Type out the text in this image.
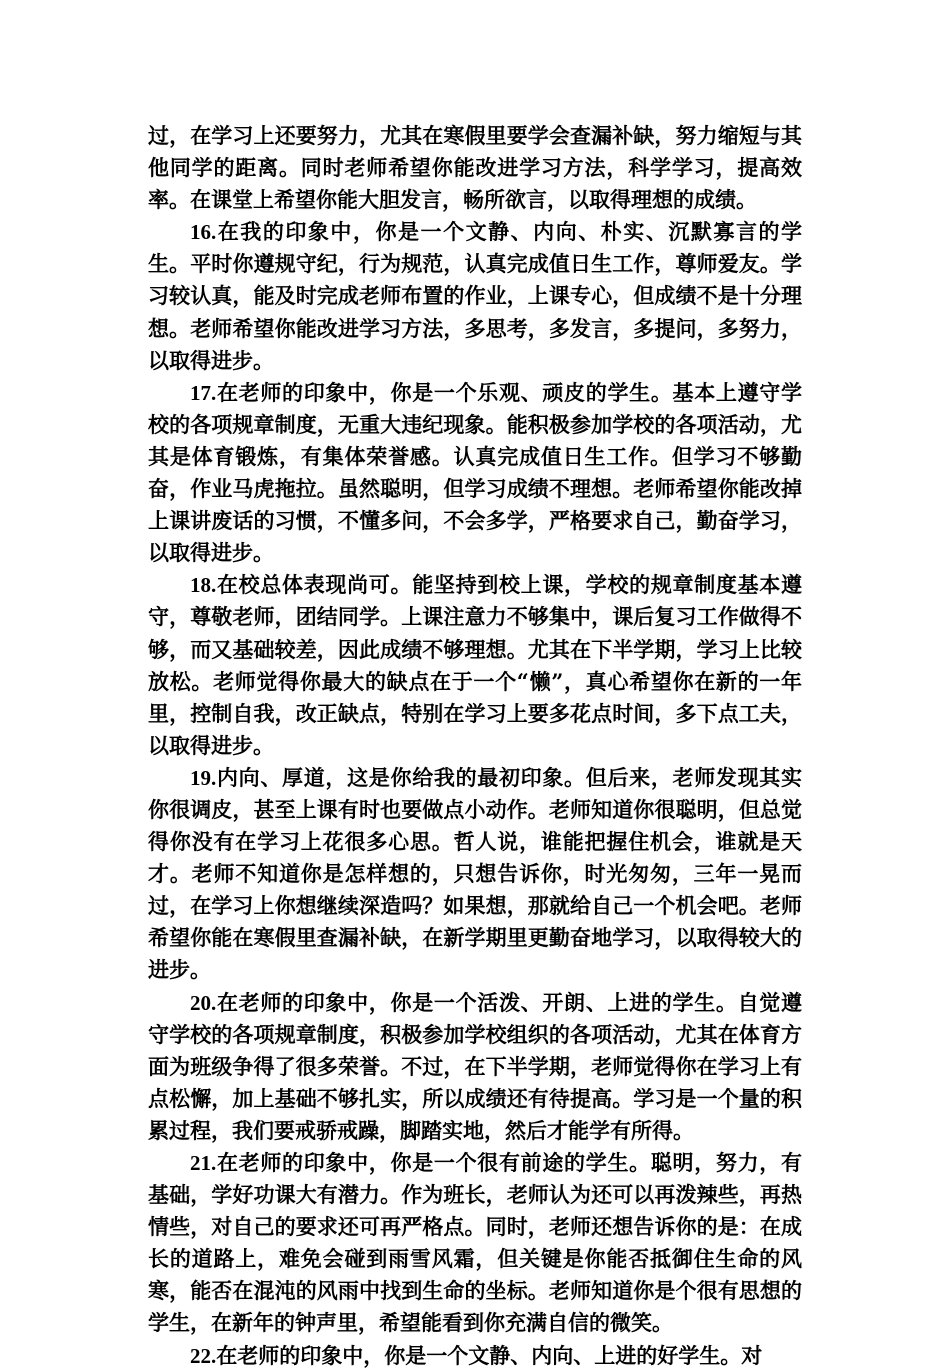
过，在学习上还要努力，尤其在寒假里要学会查漏补缺，努力缩短与其他同学的距离。同时老师希望你能改进学习方法，科学学习，提高效率。在课堂上希望你能大胆发言，畅所欲言，以取得理想的成绩。

16.在我的印象中，你是一个文静、内向、朴实、沉默寡言的学生。平时你遵规守纪，行为规范，认真完成值日生工作，尊师爱友。学习较认真，能及时完成老师布置的作业，上课专心，但成绩不是十分理想。老师希望你能改进学习方法，多思考，多发言，多提问，多努力，以取得进步。

17.在老师的印象中，你是一个乐观、顽皮的学生。基本上遵守学校的各项规章制度，无重大违纪现象。能积极参加学校的各项活动，尤其是体育锻炼，有集体荣誉感。认真完成值日生工作。但学习不够勤奋，作业马虎拖拉。虽然聪明，但学习成绩不理想。老师希望你能改掉上课讲废话的习惯，不懂多问，不会多学，严格要求自己，勤奋学习，以取得进步。

18.在校总体表现尚可。能坚持到校上课，学校的规章制度基本遵守，尊敬老师，团结同学。上课注意力不够集中，课后复习工作做得不够，而又基础较差，因此成绩不够理想。尤其在下半学期，学习上比较放松。老师觉得你最大的缺点在于一个“懒”，真心希望你在新的一年里，控制自我，改正缺点，特别在学习上要多花点时间，多下点工夫，以取得进步。

19.内向、厚道，这是你给我的最初印象。但后来，老师发现其实你很调皮，甚至上课有时也要做点小动作。老师知道你很聪明，但总觉得你没有在学习上花很多心思。哲人说，谁能把握住机会，谁就是天才。老师不知道你是怎样想的，只想告诉你，时光匆匆，三年一晃而过，在学习上你想继续深造吗？如果想，那就给自己一个机会吧。老师希望你能在寒假里查漏补缺，在新学期里更勤奋地学习，以取得较大的进步。

20.在老师的印象中，你是一个活泼、开朗、上进的学生。自觉遵守学校的各项规章制度，积极参加学校组织的各项活动，尤其在体育方面为班级争得了很多荣誉。不过，在下半学期，老师觉得你在学习上有点松懈，加上基础不够扎实，所以成绩还有待提高。学习是一个量的积累过程，我们要戒骄戒躁，脚踏实地，然后才能学有所得。

21.在老师的印象中，你是一个很有前途的学生。聪明，努力，有基础，学好功课大有潜力。作为班长，老师认为还可以再泼辣些，再热情些，对自己的要求还可再严格点。同时，老师还想告诉你的是：在成长的道路上，难免会碰到雨雪风霜，但关键是你能否抵御住生命的风寒，能否在混沌的风雨中找到生命的坐标。老师知道你是个很有思想的学生，在新年的钟声里，希望能看到你充满自信的微笑。

22.在老师的印象中，你是一个文静、内向、上进的好学生。对
